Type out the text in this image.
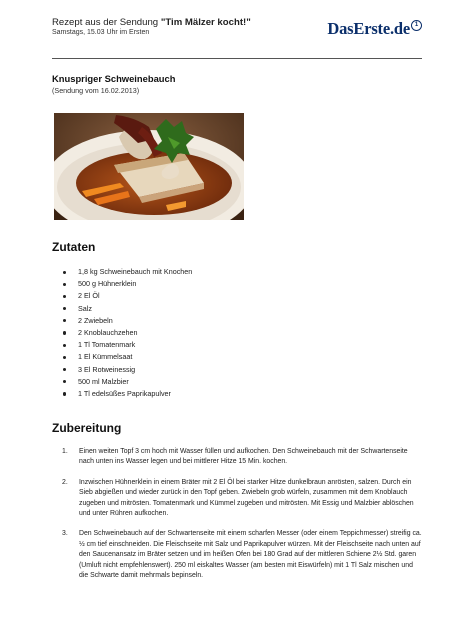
Rezept aus der Sendung "Tim Mälzer kocht!"
Samstags, 15.03 Uhr im Ersten	DasErste.de 1
Knuspriger Schweinebauch
(Sendung vom 16.02.2013)
Zutaten
1,8 kg Schweinebauch mit Knochen
500 g Hühnerklein
2 El Öl
Salz
2 Zwiebeln
2 Knoblauchzehen
1 Tl Tomatenmark
1 El Kümmelsaat
3 El Rotweinessig
500 ml Malzbier
1 Tl edelsüßes Paprikapulver
Zubereitung
1. Einen weiten Topf 3 cm hoch mit Wasser füllen und aufkochen. Den Schweinebauch mit der Schwartenseite nach unten ins Wasser legen und bei mittlerer Hitze 15 Min. kochen.
2. Inzwischen Hühnerklein in einem Bräter mit 2 El Öl bei starker Hitze dunkelbraun anrösten, salzen. Durch ein Sieb abgießen und wieder zurück in den Topf geben. Zwiebeln grob würfeln, zusammen mit dem Knoblauch zugeben und mitrösten. Tomatenmark und Kümmel zugeben und mitrösten. Mit Essig und Malzbier ablöschen und unter Rühren aufkochen.
3. Den Schweinebauch auf der Schwartenseite mit einem scharfen Messer (oder einem Teppichmesser) streifig ca. ½ cm tief einschneiden. Die Fleischseite mit Salz und Paprikapulver würzen. Mit der Fleischseite nach unten auf den Saucenansatz im Bräter setzen und im heißen Ofen bei 180 Grad auf der mittleren Schiene 2½ Std. garen (Umluft nicht empfehlenswert). 250 ml eiskaltes Wasser (am besten mit Eiswürfeln) mit 1 Tl Salz mischen und die Schwarte damit mehrmals bepinseln.
